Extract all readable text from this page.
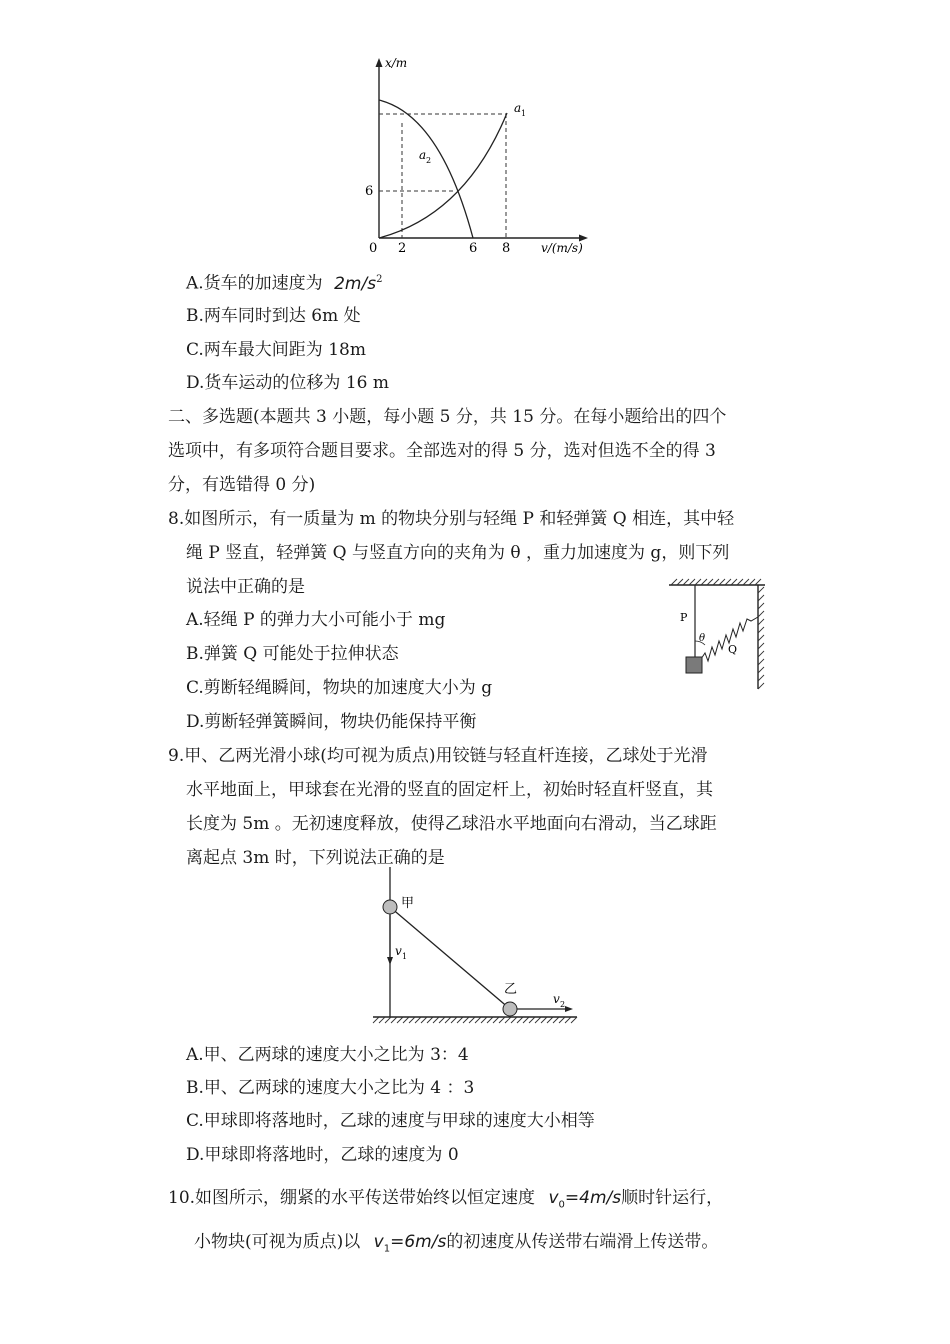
x/m
v/(m/s)
6
0 2	6 8
a 1
a 2
A.货车的加速度为 $2m/s^2$
B.两车同时到达 6m 处
C.两车最大间距为 18m
D.货车运动的位移为 16 m
二、多选题(本题共 3 小题，每小题 5 分，共 15 分。在每小题给出的四个
选项中，有多项符合题目要求。全部选对的得 5 分，选对但选不全的得 3
分，有选错得 0 分)
8.如图所示，有一质量为 m 的物块分别与轻绳 P 和轻弹簧 Q 相连，其中轻
绳 P 竖直，轻弹簧 Q 与竖直方向的夹角为 θ ，重力加速度为 g，则下列
说法中正确的是
A.轻绳 P 的弹力大小可能小于 mg
B.弹簧 Q 可能处于拉伸状态
C.剪断轻绳瞬间，物块的加速度大小为 g
D.剪断轻弹簧瞬间，物块仍能保持平衡
P
θ
Q
9.甲、乙两光滑小球(均可视为质点)用铰链与轻直杆连接，乙球处于光滑
水平地面上，甲球套在光滑的竖直的固定杆上，初始时轻直杆竖直，其
长度为 5m 。无初速度释放，使得乙球沿水平地面向右滑动，当乙球距
离起点 3m 时，下列说法正确的是
甲
乙
v 1
v 2
A.甲、乙两球的速度大小之比为 3：4
B.甲、乙两球的速度大小之比为 4 ：3
C.甲球即将落地时，乙球的速度与甲球的速度大小相等
D.甲球即将落地时，乙球的速度为 0
10.如图所示，绷紧的水平传送带始终以恒定速度 $v_0=4m/s$顺时针运行，
小物块(可视为质点)以 $v_1=6m/s$的初速度从传送带右端滑上传送带。
